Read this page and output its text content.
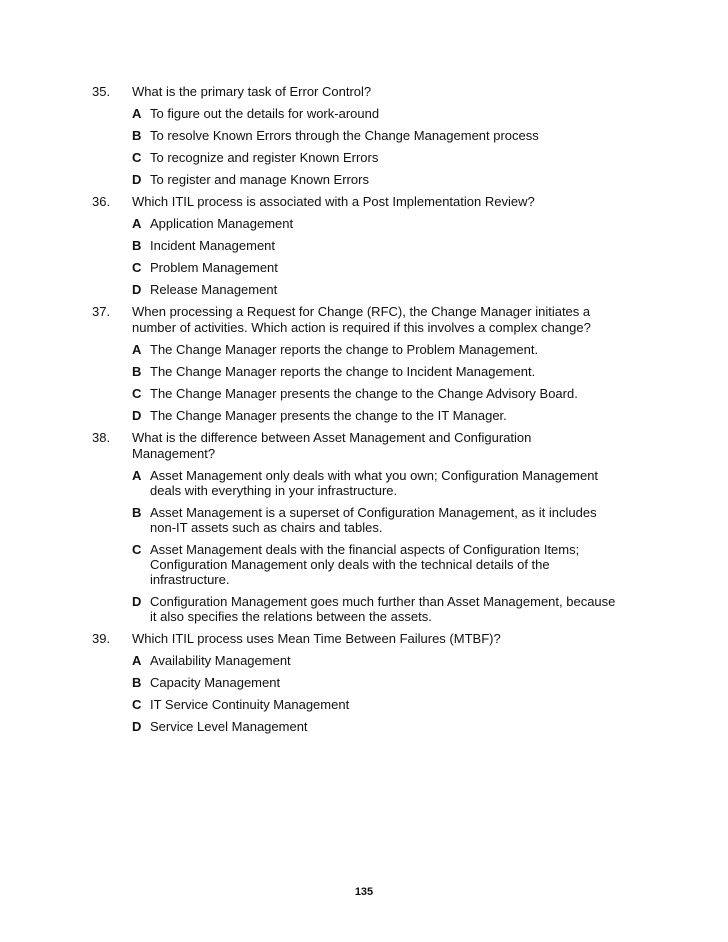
35.	What is the primary task of Error Control?
A To figure out the details for work-around
B To resolve Known Errors through the Change Management process
C To recognize and register Known Errors
D To register and manage Known Errors
36.	Which ITIL process is associated with a Post Implementation Review?
A Application Management
B Incident Management
C Problem Management
D Release Management
37.	When processing a Request for Change (RFC), the Change Manager initiates a
number of activities. Which action is required if this involves a complex change?
A The Change Manager reports the change to Problem Management.
B The Change Manager reports the change to Incident Management.
C The Change Manager presents the change to the Change Advisory Board.
D The Change Manager presents the change to the IT Manager.
38.	What is the difference between Asset Management and Configuration
Management?
A Asset Management only deals with what you own; Configuration Management
deals with everything in your infrastructure.
B Asset Management is a superset of Configuration Management, as it includes
non-IT assets such as chairs and tables.
C Asset Management deals with the financial aspects of Configuration Items;
Configuration Management only deals with the technical details of the
infrastructure.
D Configuration Management goes much further than Asset Management, because
it also specifies the relations between the assets.
39.	Which ITIL process uses Mean Time Between Failures (MTBF)?
A Availability Management
B Capacity Management
C IT Service Continuity Management
D Service Level Management
135
